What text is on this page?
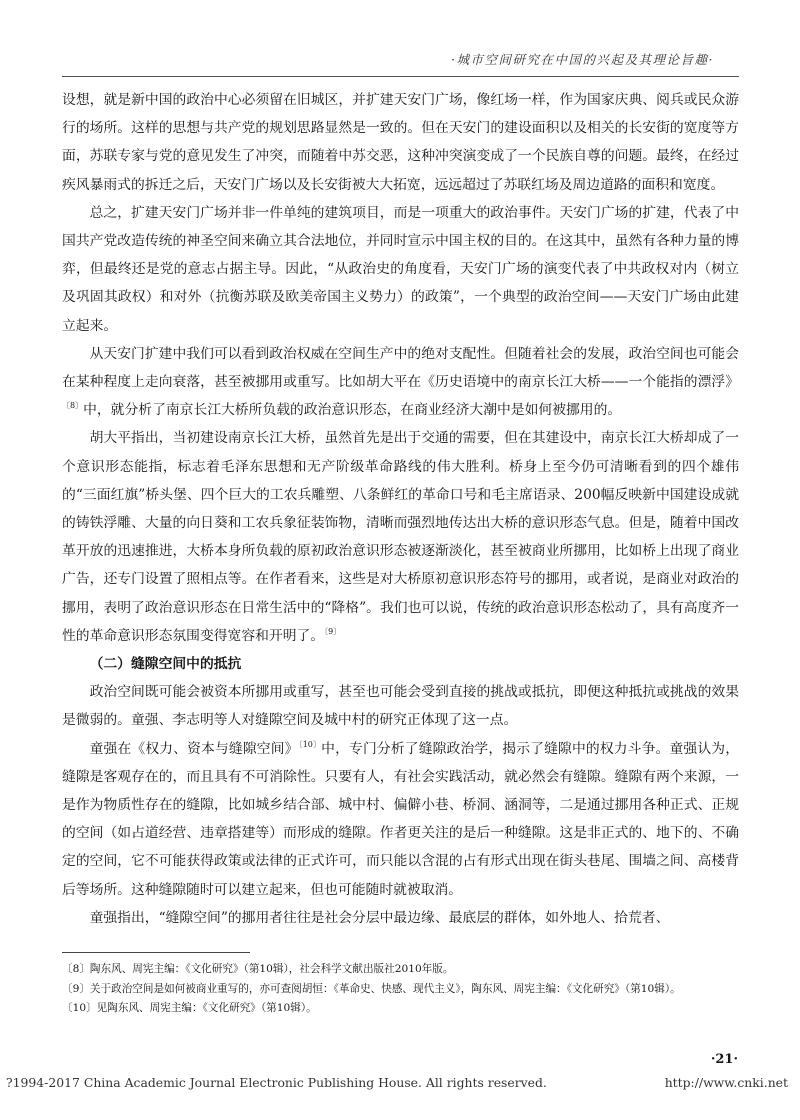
·城市空间研究在中国的兴起及其理论旨趣·

设想，就是新中国的政治中心必须留在旧城区，并扩建天安门广场，像红场一样，作为国家庆典、阅兵或民众游行的场所。这样的思想与共产党的规划思路显然是一致的。但在天安门的建设面积以及相关的长安街的宽度等方面，苏联专家与党的意见发生了冲突，而随着中苏交恶，这种冲突演变成了一个民族自尊的问题。最终，在经过疾风暴雨式的拆迁之后，天安门广场以及长安街被大大拓宽，远远超过了苏联红场及周边道路的面积和宽度。

总之，扩建天安门广场并非一件单纯的建筑项目，而是一项重大的政治事件。天安门广场的扩建，代表了中国共产党改造传统的神圣空间来确立其合法地位，并同时宣示中国主权的目的。在这其中，虽然有各种力量的博弈，但最终还是党的意志占据主导。因此，“从政治史的角度看，天安门广场的演变代表了中共政权对内（树立及巩固其政权）和对外（抗衡苏联及欧美帝国主义势力）的政策”，一个典型的政治空间——天安门广场由此建立起来。

从天安门扩建中我们可以看到政治权威在空间生产中的绝对支配性。但随着社会的发展，政治空间也可能会在某种程度上走向衰落，甚至被挪用或重写。比如胡大平在《历史语境中的南京长江大桥——一个能指的漂浮》$^{〔8〕}$中，就分析了南京长江大桥所负载的政治意识形态，在商业经济大潮中是如何被挪用的。

胡大平指出，当初建设南京长江大桥，虽然首先是出于交通的需要，但在其建设中，南京长江大桥却成了一个意识形态能指，标志着毛泽东思想和无产阶级革命路线的伟大胜利。桥身上至今仍可清晰看到的四个雄伟的“三面红旗”桥头堡、四个巨大的工农兵雕塑、八条鲜红的革命口号和毛主席语录、200幅反映新中国建设成就的铸铁浮雕、大量的向日葵和工农兵象征装饰物，清晰而强烈地传达出大桥的意识形态气息。但是，随着中国改革开放的迅速推进，大桥本身所负载的原初政治意识形态被逐渐淡化，甚至被商业所挪用，比如桥上出现了商业广告，还专门设置了照相点等。在作者看来，这些是对大桥原初意识形态符号的挪用，或者说，是商业对政治的挪用，表明了政治意识形态在日常生活中的“降格”。我们也可以说，传统的政治意识形态松动了，具有高度齐一性的革命意识形态氛围变得宽容和开明了。$^{〔9〕}$

（二）缝隙空间中的抵抗

政治空间既可能会被资本所挪用或重写，甚至也可能会受到直接的挑战或抵抗，即便这种抵抗或挑战的效果是微弱的。童强、李志明等人对缝隙空间及城中村的研究正体现了这一点。

童强在《权力、资本与缝隙空间》$^{〔10〕}$中，专门分析了缝隙政治学，揭示了缝隙中的权力斗争。童强认为，缝隙是客观存在的，而且具有不可消除性。只要有人，有社会实践活动，就必然会有缝隙。缝隙有两个来源，一是作为物质性存在的缝隙，比如城乡结合部、城中村、偏僻小巷、桥洞、涵洞等，二是通过挪用各种正式、正规的空间（如占道经营、违章搭建等）而形成的缝隙。作者更关注的是后一种缝隙。这是非正式的、地下的、不确定的空间，它不可能获得政策或法律的正式许可，而只能以含混的占有形式出现在街头巷尾、围墙之间、高楼背后等场所。这种缝隙随时可以建立起来，但也可能随时就被取消。

童强指出，“缝隙空间”的挪用者往往是社会分层中最边缘、最底层的群体，如外地人、拾荒者、

〔8〕陶东风、周宪主编：《文化研究》（第10辑），社会科学文献出版社2010年版。

〔9〕关于政治空间是如何被商业重写的，亦可查阅胡恒：《革命史、快感、现代主义》，陶东风、周宪主编：《文化研究》（第10辑）。

〔10〕见陶东风、周宪主编：《文化研究》（第10辑）。

·21·
?1994-2017 China Academic Journal Electronic Publishing House. All rights reserved.	http://www.cnki.net
